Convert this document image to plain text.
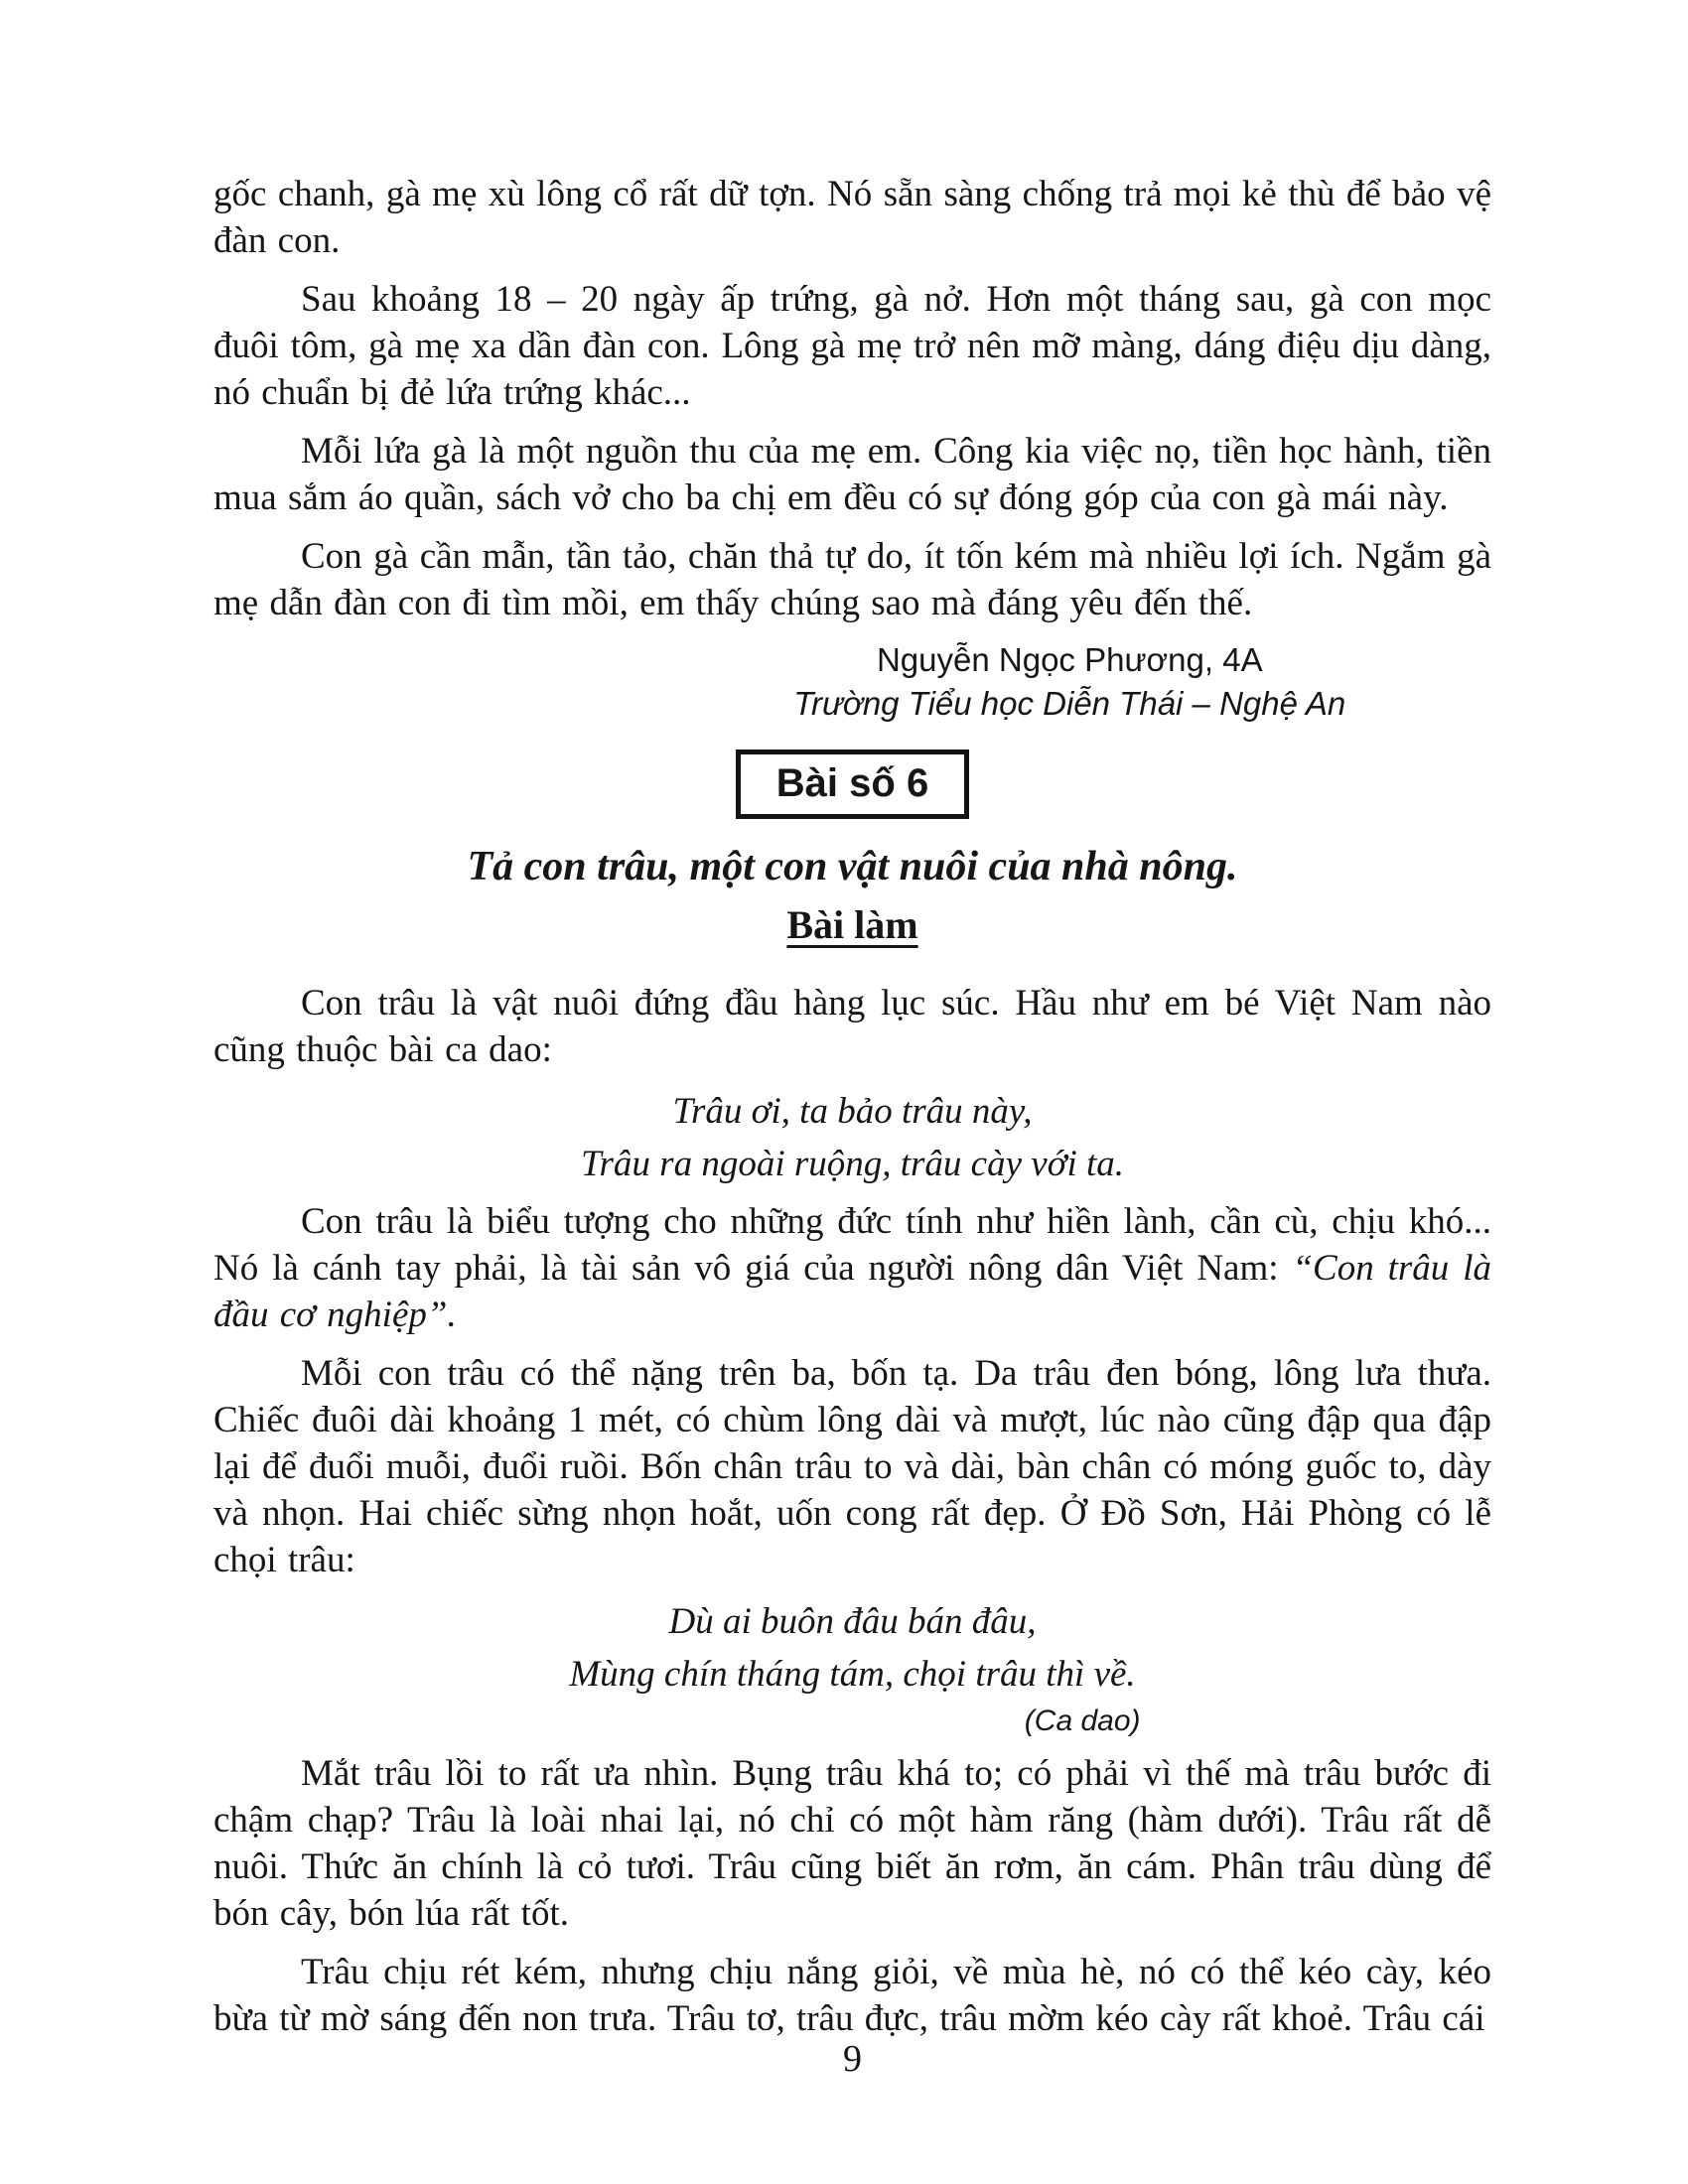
gốc chanh, gà mẹ xù lông cổ rất dữ tợn. Nó sẵn sàng chống trả mọi kẻ thù để bảo vệ đàn con.

Sau khoảng 18 – 20 ngày ấp trứng, gà nở. Hơn một tháng sau, gà con mọc đuôi tôm, gà mẹ xa dần đàn con. Lông gà mẹ trở nên mỡ màng, dáng điệu dịu dàng, nó chuẩn bị đẻ lứa trứng khác...

Mỗi lứa gà là một nguồn thu của mẹ em. Công kia việc nọ, tiền học hành, tiền mua sắm áo quần, sách vở cho ba chị em đều có sự đóng góp của con gà mái này.

Con gà cần mẫn, tần tảo, chăn thả tự do, ít tốn kém mà nhiều lợi ích. Ngắm gà mẹ dẫn đàn con đi tìm mồi, em thấy chúng sao mà đáng yêu đến thế.

Nguyễn Ngọc Phương, 4A
Trường Tiểu học Diễn Thái – Nghệ An
Bài số 6
Tả con trâu, một con vật nuôi của nhà nông.
Bài làm

Con trâu là vật nuôi đứng đầu hàng lục súc. Hầu như em bé Việt Nam nào cũng thuộc bài ca dao:

Trâu ơi, ta bảo trâu này,
Trâu ra ngoài ruộng, trâu cày với ta.

Con trâu là biểu tượng cho những đức tính như hiền lành, cần cù, chịu khó... Nó là cánh tay phải, là tài sản vô giá của người nông dân Việt Nam: “Con trâu là đầu cơ nghiệp”.

Mỗi con trâu có thể nặng trên ba, bốn tạ. Da trâu đen bóng, lông lưa thưa. Chiếc đuôi dài khoảng 1 mét, có chùm lông dài và mượt, lúc nào cũng đập qua đập lại để đuổi muỗi, đuổi ruồi. Bốn chân trâu to và dài, bàn chân có móng guốc to, dày và nhọn. Hai chiếc sừng nhọn hoắt, uốn cong rất đẹp. Ở Đồ Sơn, Hải Phòng có lễ chọi trâu:

Dù ai buôn đâu bán đâu,
Mùng chín tháng tám, chọi trâu thì về.
(Ca dao)

Mắt trâu lồi to rất ưa nhìn. Bụng trâu khá to; có phải vì thế mà trâu bước đi chậm chạp? Trâu là loài nhai lại, nó chỉ có một hàm răng (hàm dưới). Trâu rất dễ nuôi. Thức ăn chính là cỏ tươi. Trâu cũng biết ăn rơm, ăn cám. Phân trâu dùng để bón cây, bón lúa rất tốt.

Trâu chịu rét kém, nhưng chịu nắng giỏi, về mùa hè, nó có thể kéo cày, kéo bừa từ mờ sáng đến non trưa. Trâu tơ, trâu đực, trâu mờm kéo cày rất khoẻ. Trâu cái

9
